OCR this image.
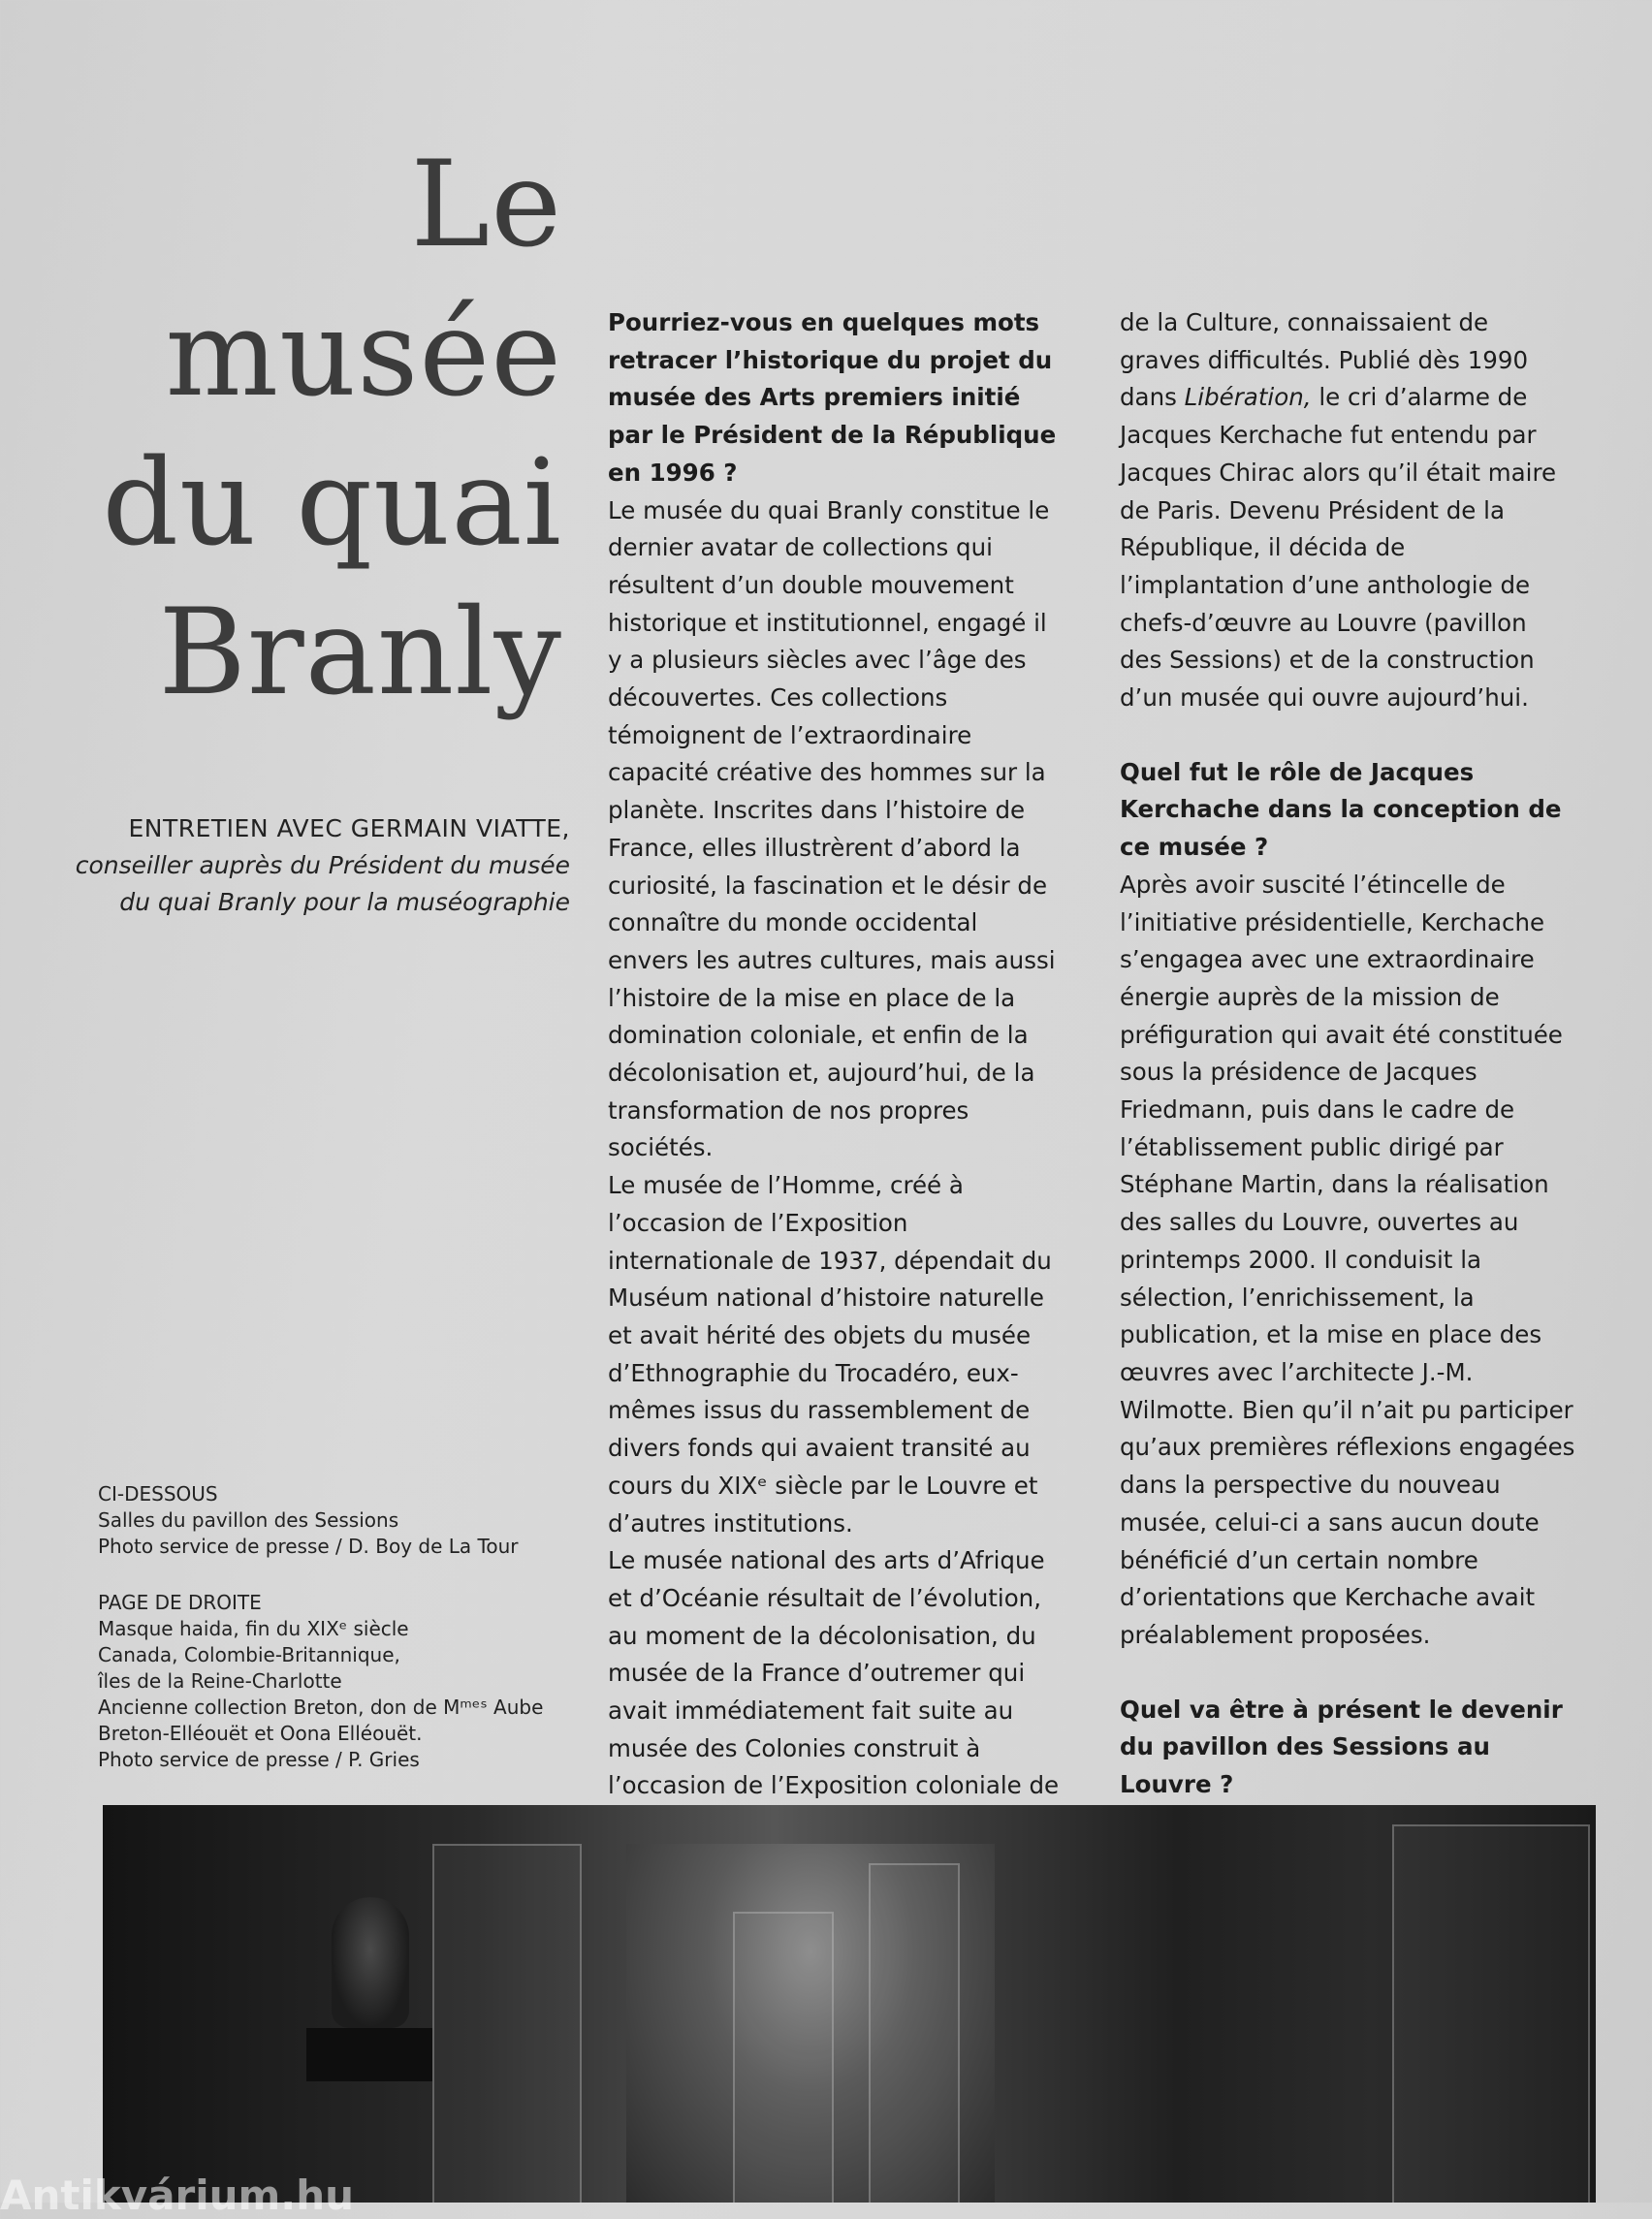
Le
musée
du quai
Branly
ENTRETIEN AVEC GERMAIN VIATTE,
conseiller auprès du Président du musée
du quai Branly pour la muséographie

CI-DESSOUS

Salles du pavillon des Sessions

Photo service de presse / D. Boy de La Tour

PAGE DE DROITE

Masque haida, fin du XIXᵉ siècle

Canada, Colombie-Britannique,

îles de la Reine-Charlotte

Ancienne collection Breton, don de Mᵐᵉˢ Aube

Breton-Elléouët et Oona Elléouët.

Photo service de presse / P. Gries

Pourriez-vous en quelques mots retracer l’historique du projet du musée des Arts premiers initié par le Président de la République en 1996 ?

Le musée du quai Branly constitue le dernier avatar de collections qui résultent d’un double mouvement historique et institutionnel, engagé il y a plusieurs siècles avec l’âge des découvertes. Ces collections témoignent de l’extraordinaire capacité créative des hommes sur la planète. Inscrites dans l’histoire de France, elles illustrèrent d’abord la curiosité, la fascination et le désir de connaître du monde occidental envers les autres cultures, mais aussi l’histoire de la mise en place de la domination coloniale, et enfin de la décolonisation et, aujourd’hui, de la transformation de nos propres sociétés.

Le musée de l’Homme, créé à l’occasion de l’Exposition internationale de 1937, dépendait du Muséum national d’histoire naturelle et avait hérité des objets du musée d’Ethnographie du Trocadéro, eux-mêmes issus du rassemblement de divers fonds qui avaient transité au cours du XIXᵉ siècle par le Louvre et d’autres institutions.

Le musée national des arts d’Afrique et d’Océanie résultait de l’évolution, au moment de la décolonisation, du musée de la France d’outremer qui avait immédiatement fait suite au musée des Colonies construit à l’occasion de l’Exposition coloniale de

de la Culture, connaissaient de graves difficultés. Publié dès 1990 dans Libération, le cri d’alarme de Jacques Kerchache fut entendu par Jacques Chirac alors qu’il était maire de Paris. Devenu Président de la République, il décida de l’implantation d’une anthologie de chefs-d’œuvre au Louvre (pavillon des Sessions) et de la construction d’un musée qui ouvre aujourd’hui.

Quel fut le rôle de Jacques Kerchache dans la conception de ce musée ?

Après avoir suscité l’étincelle de l’initiative présidentielle, Kerchache s’engagea avec une extraordinaire énergie auprès de la mission de préfiguration qui avait été constituée sous la présidence de Jacques Friedmann, puis dans le cadre de l’établissement public dirigé par Stéphane Martin, dans la réalisation des salles du Louvre, ouvertes au printemps 2000. Il conduisit la sélection, l’enrichissement, la publication, et la mise en place des œuvres avec l’architecte J.-M. Wilmotte. Bien qu’il n’ait pu participer qu’aux premières réflexions engagées dans la perspective du nouveau musée, celui-ci a sans aucun doute bénéficié d’un certain nombre d’orientations que Kerchache avait préalablement proposées.

Quel va être à présent le devenir du pavillon des Sessions au Louvre ?

Antikvárium.hu
